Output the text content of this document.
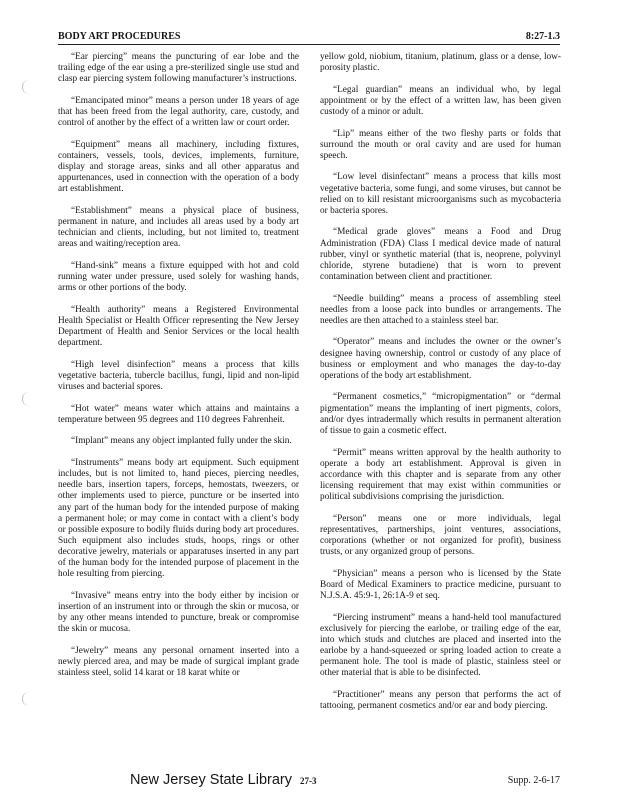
BODY ART PROCEDURES	8:27-1.3

“Ear piercing” means the puncturing of ear lobe and the trailing edge of the ear using a pre-sterilized single use stud and clasp ear piercing system following manufacturer’s instructions.

“Emancipated minor” means a person under 18 years of age that has been freed from the legal authority, care, custody, and control of another by the effect of a written law or court order.

“Equipment” means all machinery, including fixtures, containers, vessels, tools, devices, implements, furniture, display and storage areas, sinks and all other apparatus and appurtenances, used in connection with the operation of a body art establishment.

“Establishment” means a physical place of business, permanent in nature, and includes all areas used by a body art technician and clients, including, but not limited to, treatment areas and waiting/reception area.

“Hand-sink” means a fixture equipped with hot and cold running water under pressure, used solely for washing hands, arms or other portions of the body.

“Health authority” means a Registered Environmental Health Specialist or Health Officer representing the New Jersey Department of Health and Senior Services or the local health department.

“High level disinfection” means a process that kills vegetative bacteria, tubercle bacillus, fungi, lipid and non-lipid viruses and bacterial spores.

“Hot water” means water which attains and maintains a temperature between 95 degrees and 110 degrees Fahrenheit.

“Implant” means any object implanted fully under the skin.

“Instruments” means body art equipment. Such equipment includes, but is not limited to, hand pieces, piercing needles, needle bars, insertion tapers, forceps, hemostats, tweezers, or other implements used to pierce, puncture or be inserted into any part of the human body for the intended purpose of making a permanent hole; or may come in contact with a client’s body or possible exposure to bodily fluids during body art procedures. Such equipment also includes studs, hoops, rings or other decorative jewelry, materials or apparatuses inserted in any part of the human body for the intended purpose of placement in the hole resulting from piercing.

“Invasive” means entry into the body either by incision or insertion of an instrument into or through the skin or mucosa, or by any other means intended to puncture, break or compromise the skin or mucosa.

“Jewelry” means any personal ornament inserted into a newly pierced area, and may be made of surgical implant grade stainless steel, solid 14 karat or 18 karat white or

yellow gold, niobium, titanium, platinum, glass or a dense, low-porosity plastic.

“Legal guardian” means an individual who, by legal appointment or by the effect of a written law, has been given custody of a minor or adult.

“Lip” means either of the two fleshy parts or folds that surround the mouth or oral cavity and are used for human speech.

“Low level disinfectant” means a process that kills most vegetative bacteria, some fungi, and some viruses, but cannot be relied on to kill resistant microorganisms such as mycobacteria or bacteria spores.

“Medical grade gloves” means a Food and Drug Administration (FDA) Class I medical device made of natural rubber, vinyl or synthetic material (that is, neoprene, polyvinyl chloride, styrene butadiene) that is worn to prevent contamination between client and practitioner.

“Needle building” means a process of assembling steel needles from a loose pack into bundles or arrangements. The needles are then attached to a stainless steel bar.

“Operator” means and includes the owner or the owner’s designee having ownership, control or custody of any place of business or employment and who manages the day-to-day operations of the body art establishment.

“Permanent cosmetics,” “micropigmentation” or “dermal pigmentation” means the implanting of inert pigments, colors, and/or dyes intradermally which results in permanent alteration of tissue to gain a cosmetic effect.

“Permit” means written approval by the health authority to operate a body art establishment. Approval is given in accordance with this chapter and is separate from any other licensing requirement that may exist within communities or political subdivisions comprising the jurisdiction.

“Person” means one or more individuals, legal representatives, partnerships, joint ventures, associations, corporations (whether or not organized for profit), business trusts, or any organized group of persons.

“Physician” means a person who is licensed by the State Board of Medical Examiners to practice medicine, pursuant to N.J.S.A. 45:9-1, 26:1A-9 et seq.

“Piercing instrument” means a hand-held tool manufactured exclusively for piercing the earlobe, or trailing edge of the ear, into which studs and clutches are placed and inserted into the earlobe by a hand-squeezed or spring loaded action to create a permanent hole. The tool is made of plastic, stainless steel or other material that is able to be disinfected.

“Practitioner” means any person that performs the act of tattooing, permanent cosmetics and/or ear and body piercing.

New Jersey State Library 27-3	Supp. 2-6-17
